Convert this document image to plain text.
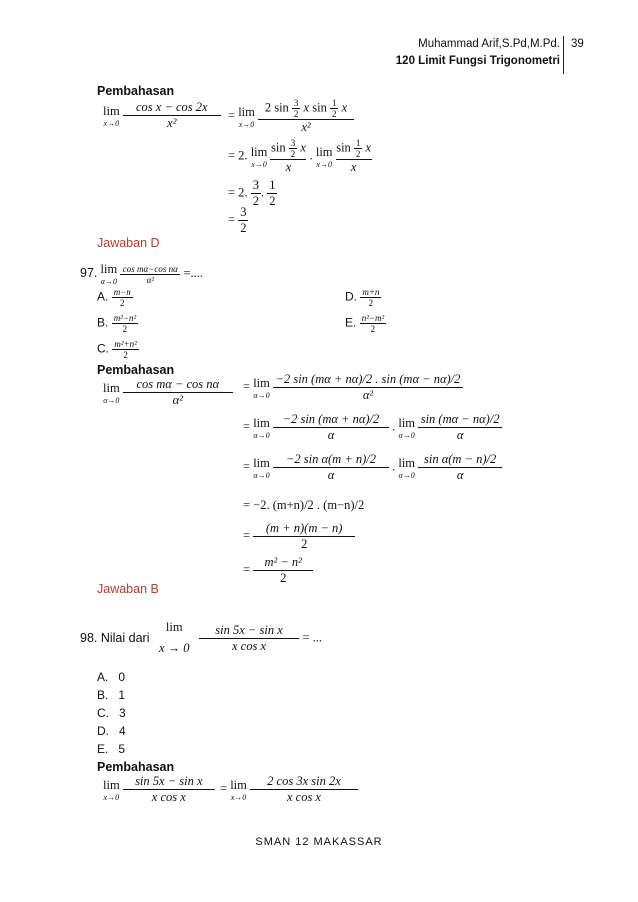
Muhammad Arif,S.Pd,M.Pd.
120 Limit Fungsi Trigonometri
39
Pembahasan
lim
x→0
$\frac{\text{cos x − cos 2x}}{\text{x²}} = \lim$
x→0
$\frac{2 \sin \frac{3}{2} x \sin \frac{1}{2} x}{\text{x²}}$
= 2. lim
x→0
$\frac{\sin \frac{3}{2} x}{x}$ . lim
x→0
$\frac{\sin \frac{1}{2} x}{x}$
= 2. $\frac{3}{2}$ . $\frac{1}{2}$
= $\frac{3}{2}$
Jawaban D
97. lim
α→0
$\frac{\text{cos mα−cos nα}}{\text{α²}}$ =....
A. $\frac{m-n}{2}$
B. $\frac{\text{m²−n²}}{2}$
C. $\frac{\text{m²+n²}}{2}$
D. $\frac{m+n}{2}$
E. $\frac{\text{n²−m²}}{2}$
Pembahasan
lim
α→0
$\frac{\text{cos mα − cos nα}}{\text{α²}} = \lim$
α→0
$\frac{-2 \sin (m\alpha + n\alpha)/2 . \sin (m\alpha - n\alpha)/2}{\text{α²}}$
= lim
α→0
$\frac{-2 \sin (m\alpha + n\alpha)/2}{\alpha}$ . lim
α→0
$\frac{\sin (m\alpha - n\alpha)/2}{\alpha}$
= lim
α→0
$\frac{\text{−2 sin α(m + n)/2}}{\alpha}$ . lim
α→0
$\frac{\text{sin α(m − n)/2}}{\alpha}$
= −2. (m+n)/2 . (m−n)/2
= $\frac{(m + n)(m - n)}{2}$
= $\frac{\text{m² − n²}}{2}$
Jawaban B
98. Nilai dari
lim
x → 0
$\frac{\text{sin 5x − sin x}}{\text{x cos x}}$ = ...
A. 0
B. 1
C. 3
D. 4
E. 5
Pembahasan
lim
x→0
$\frac{\text{sin 5x − sin x}}{\text{x cos x}} = \lim$
x→0
$\frac{\text{2 cos 3x sin 2x}}{\text{x cos x}}$
SMAN 12 MAKASSAR
